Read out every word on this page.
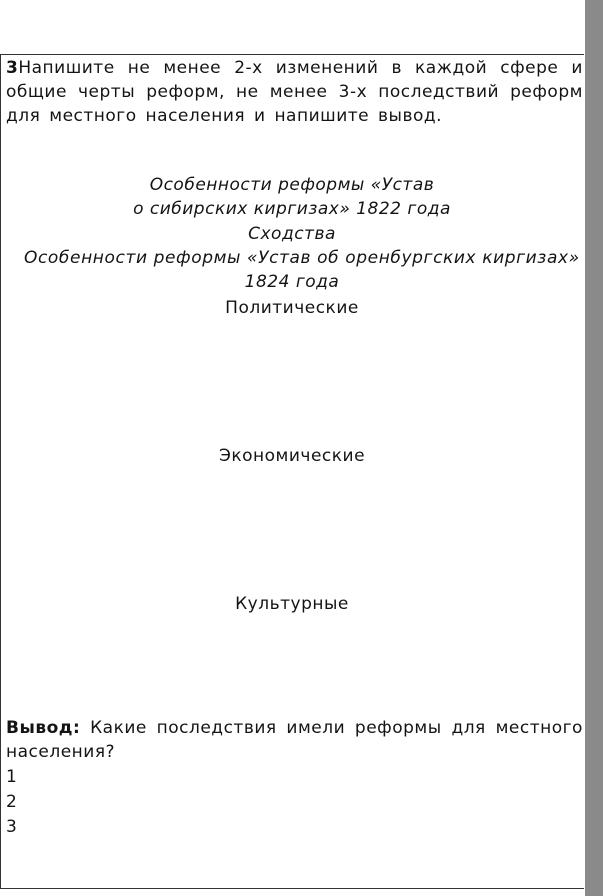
3Напишите не менее 2-х изменений в каждой сфере и
общие черты реформ, не менее 3-х последствий реформ
для местного населения и напишите вывод.
Особенности реформы «Устав
о сибирских киргизах» 1822 года
Сходства
Особенности реформы «Устав об оренбургских киргизах»
1824 года
Политические
Экономические
Культурные
Вывод: Какие последствия имели реформы для местного
населения?
1
2
3
